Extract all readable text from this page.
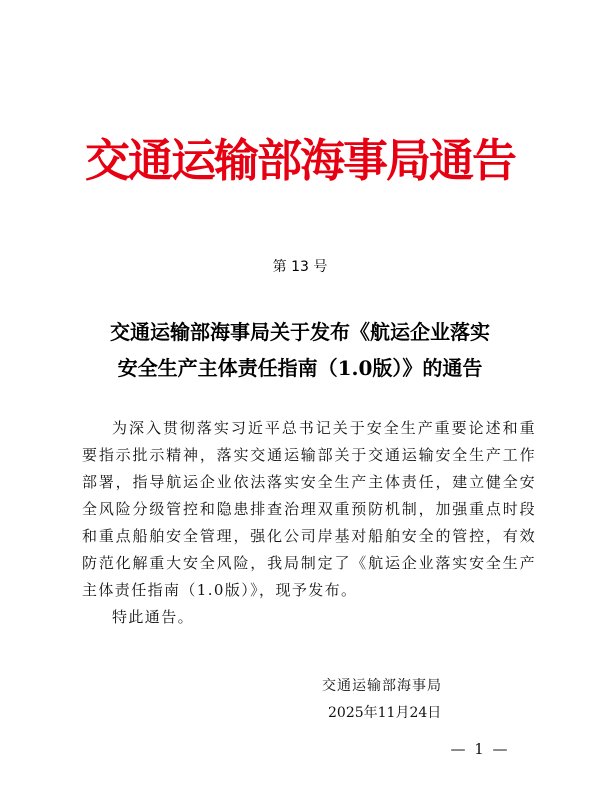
交通运输部海事局通告
第 13 号
交通运输部海事局关于发布《航运企业落实
安全生产主体责任指南（1.0版）》的通告

为深入贯彻落实习近平总书记关于安全生产重要论述和重要指示批示精神，落实交通运输部关于交通运输安全生产工作部署，指导航运企业依法落实安全生产主体责任，建立健全安全风险分级管控和隐患排查治理双重预防机制，加强重点时段和重点船舶安全管理，强化公司岸基对船舶安全的管控，有效防范化解重大安全风险，我局制定了《航运企业落实安全生产主体责任指南（1.0版）》，现予发布。

特此通告。

交通运输部海事局
2025年11月24日
— 1 —
